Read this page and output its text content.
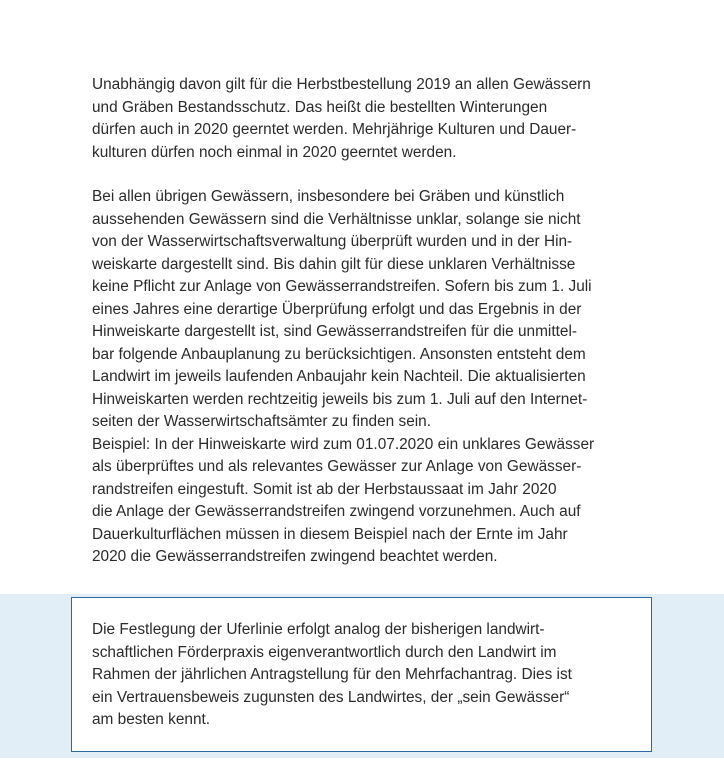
Unabhängig davon gilt für die Herbstbestellung 2019 an allen Gewässern
und Gräben Bestandsschutz. Das heißt die bestellten Winterungen
dürfen auch in 2020 geerntet werden. Mehrjährige Kulturen und Dauer-
kulturen dürfen noch einmal in 2020 geerntet werden.

Bei allen übrigen Gewässern, insbesondere bei Gräben und künstlich
aussehenden Gewässern sind die Verhältnisse unklar, solange sie nicht
von der Wasserwirtschaftsverwaltung überprüft wurden und in der Hin-
weiskarte dargestellt sind. Bis dahin gilt für diese unklaren Verhältnisse
keine Pflicht zur Anlage von Gewässerrandstreifen. Sofern bis zum 1. Juli
eines Jahres eine derartige Überprüfung erfolgt und das Ergebnis in der
Hinweiskarte dargestellt ist, sind Gewässerrandstreifen für die unmittel-
bar folgende Anbauplanung zu berücksichtigen. Ansonsten entsteht dem
Landwirt im jeweils laufenden Anbaujahr kein Nachteil. Die aktualisierten
Hinweiskarten werden rechtzeitig jeweils bis zum 1. Juli auf den Internet-
seiten der Wasserwirtschaftsämter zu finden sein.
Beispiel: In der Hinweiskarte wird zum 01.07.2020 ein unklares Gewässer
als überprüftes und als relevantes Gewässer zur Anlage von Gewässer-
randstreifen eingestuft. Somit ist ab der Herbstaussaat im Jahr 2020
die Anlage der Gewässerrandstreifen zwingend vorzunehmen. Auch auf
Dauerkulturflächen müssen in diesem Beispiel nach der Ernte im Jahr
2020 die Gewässerrandstreifen zwingend beachtet werden.

Die Festlegung der Uferlinie erfolgt analog der bisherigen landwirt-
schaftlichen Förderpraxis eigenverantwortlich durch den Landwirt im
Rahmen der jährlichen Antragstellung für den Mehrfachantrag. Dies ist
ein Vertrauensbeweis zugunsten des Landwirtes, der „sein Gewässer“
am besten kennt.
